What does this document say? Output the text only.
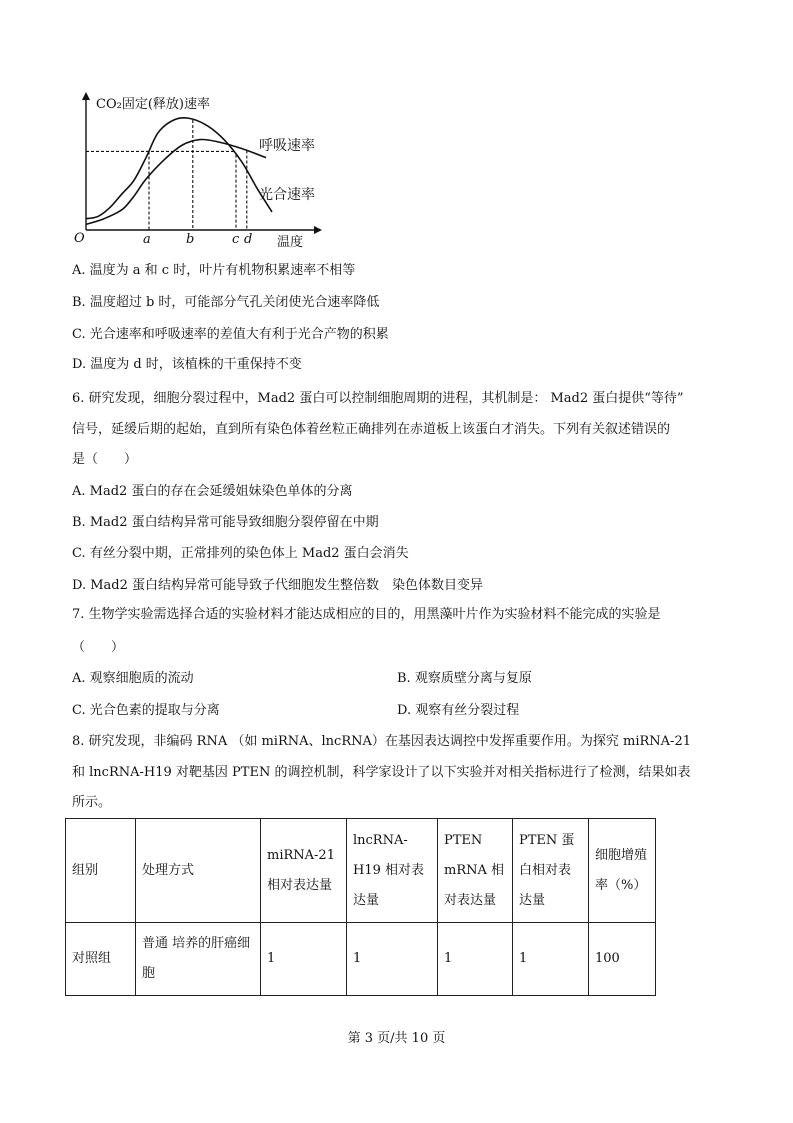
CO₂固定(释放)速率
温度
O	a	b	c d
呼吸速率
光合速率
A. 温度为 a 和 c 时，叶片有机物积累速率不相等
B. 温度超过 b 时，可能部分气孔关闭使光合速率降低
C. 光合速率和呼吸速率的差值大有利于光合产物的积累
D. 温度为 d 时，该植株的干重保持不变
6. 研究发现，细胞分裂过程中，Mad2 蛋白可以控制细胞周期的进程，其机制是： Mad2 蛋白提供“等待”
信号，延缓后期的起始，直到所有染色体着丝粒正确排列在赤道板上该蛋白才消失。下列有关叙述错误的
是（　　）
A. Mad2 蛋白的存在会延缓姐妹染色单体的分离
B. Mad2 蛋白结构异常可能导致细胞分裂停留在中期
C. 有丝分裂中期，正常排列的染色体上 Mad2 蛋白会消失
D. Mad2 蛋白结构异常可能导致子代细胞发生整倍数　染色体数目变异
7. 生物学实验需选择合适的实验材料才能达成相应的目的，用黑藻叶片作为实验材料不能完成的实验是
（　　）
A. 观察细胞质的流动	B. 观察质壁分离与复原
C. 光合色素的提取与分离	D. 观察有丝分裂过程
8. 研究发现，非编码 RNA （如 miRNA、lncRNA）在基因表达调控中发挥重要作用。为探究 miRNA-21
和 lncRNA-H19 对靶基因 PTEN 的调控机制，科学家设计了以下实验并对相关指标进行了检测，结果如表
所示。
组别	处理方式	miRNA-21 相对表达量	lncRNA-H19 相对表达量	PTEN mRNA 相对表达量	PTEN 蛋白相对表达量	细胞增殖率（%）
对照组	普通 培养的肝癌细胞	1	1	1	1	100
第 3 页/共 10 页
